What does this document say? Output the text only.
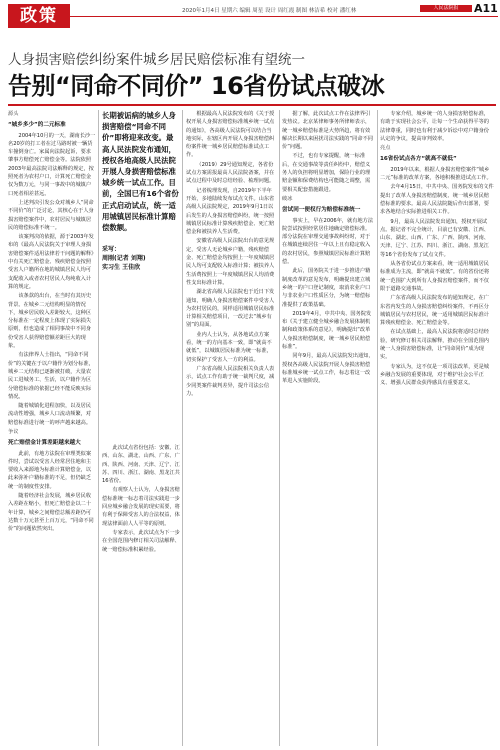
政策	2020年1月4日 星期六 编辑 周星 设计 周红霞 制图 林洁希 校对 潘红林	人民法院报	A11
人身损害赔偿纠纷案件城乡居民赔偿标准有望统一
告别“同命不同价” 16省份试点破冰
源头
“城乡多少”的二元标准

2004年10月的一天，湖南长沙一名20岁的打工者在过马路时被一辆货车撞倒身亡。家属向法院起诉，要求肇事方赔偿死亡赔偿金等。法院依照2003年最高法院司法解释的规定，按照死者为农村户口，计算死亡赔偿金仅为数万元，与同一事故中的城镇户口死者相差甚远。

上述判决引发公众对城乡人“同命不同价”的广泛讨论，其核心在于人身损害赔偿案件中，农村居民与城镇居民的赔偿标准不统一。

该案判决的依据，源于2003年发布的《最高人民法院关于审理人身损害赔偿案件适用法律若干问题的解释》中有关死亡赔偿金、残疾赔偿金按照受害人户籍所在地的城镇居民人均可支配收入或者农村居民人均纯收入计算的规定。

该条款的出台，在当时有其历史背景。在城乡二元结构明显的情况下，城乡居民收入差距较大，这种区分标准在一定程度上体现了实际损失原则，但也造成了相同事故中不同身份受害人获得赔偿额差距巨大的现象。

有法律界人士指出，“同命不同价”的关键在于以户籍作为划分标准，城乡二元结构已逐渐被打破，大量农民工进城务工、生活，以户籍作为区分赔偿标准的依据已经不能反映实际情况。

随着城镇化进程加快，以及居民流动性增强，城乡人口流动频繁，对赔偿标准进行统一的呼声越来越高。

争议
死亡赔偿金计算差距越来越大

此前，有地方法院在审理类似案件时，尝试以受害人经常居住地和主要收入来源地为标准计算赔偿金，以此来弥补户籍标准的不足，但仍缺乏统一的制度性安排。

随着经济社会发展，城乡居民收入差距在缩小，但死亡赔偿金以二十年计算，城乡之间赔偿总额差距仍可达数十万元甚至上百万元，“同命不同价”的问题依然突出。

长期被诟病的城乡人身损害赔偿“同命不同价”即将迎来改变。最高人民法院发布通知，授权各地高级人民法院开展人身损害赔偿标准城乡统一试点工作。目前，全国已有16个省份正式启动试点，统一适用城镇居民标准计算赔偿数额。
采写：
周刚(记者 刘翔)
实习生 王佳欣

此次试点省份包括：安徽、江西、山东、湖北、山西、广东、广西、陕西、河南、天津、辽宁、江苏、四川、浙江、湖南、黑龙江共16省份。

有观察人士认为，人身损害赔偿标准统一标志着司法实践进一步回应城乡融合发展的现实需要，将有利于保障受害人的合法权益，体现法律面前人人平等的原则。

专家表示，此次试点为下一步在全国范围内修订相关司法解释、统一赔偿标准积累经验。

根据最高人民法院发布的《关于授权开展人身损害赔偿标准城乡统一试点的通知》，各高级人民法院可以结合当地实际，在辖区内开展人身损害赔偿纠纷案件统一城乡居民赔偿标准试点工作。

（2019）29号通知规定，各省份试点方案需报最高人民法院备案，并在试点过程中及时总结经验、梳理问题。

记者梳理发现，自2019年下半年开始，多地陆续发布试点文件。山东省高级人民法院规定，2019年9月1日以后发生的人身损害赔偿纠纷，统一按照城镇居民标准计算残疾赔偿金、死亡赔偿金和被扶养人生活费。

安徽省高级人民法院出台的意见规定，受害人无论城乡户籍，残疾赔偿金、死亡赔偿金均按照上一年度城镇居民人均可支配收入标准计算；被扶养人生活费按照上一年度城镇居民人均消费性支出标准计算。

湖北省高级人民法院也于近日下发通知，明确人身损害赔偿案件中受害人为农村居民的，同样适用城镇居民标准计算相关赔偿项目，一改过去“城乡有别”的局面。

业内人士认为，从各地试点方案看，统一的方向基本一致，即“就高不就低”，以城镇居民标准为统一标准，切实保护了受害人一方的利益。

广东省高级人民法院相关负责人表示，试点工作有助于统一裁判尺度，减少同类案件裁判差异，提升司法公信力。

据了解，此次试点工作在法律界引发热议。北京某律师事务所律师表示，统一城乡赔偿标准是大势所趋，将有效解决长期以来困扰司法实践的“同命不同价”问题。

不过，也有专家提醒，统一标准后，在交通事故等责任纠纷中，赔偿义务人的负担将明显增加，保险行业的理赔金额和保费结构也可能随之调整，需要相关配套措施跟进。

破冰
尝试同一便权行为赔偿标准统一

事实上，早在2006年，就有地方法院尝试按照经常居住地确定赔偿标准。部分法院在审理交通事故纠纷时，对于在城镇连续居住一年以上且有稳定收入的农村居民，参照城镇居民标准计算赔偿。

此后，国务院关于进一步推进户籍制度改革的意见发布，明确提出建立城乡统一的户口登记制度，取消农业户口与非农业户口性质区分，为统一赔偿标准提供了政策基础。

2019年4月，中共中央、国务院发布《关于建立健全城乡融合发展体制机制和政策体系的意见》，明确提出“改革人身损害赔偿制度，统一城乡居民赔偿标准”。

同年9月，最高人民法院发出通知，授权各高级人民法院开展人身损害赔偿标准城乡统一试点工作，标志着这一改革进入实施阶段。

专家介绍，城乡统一的人身损害赔偿标准，有助于实现社会公平，让每一个生命获得平等的法律尊重，同时也有利于减少诉讼中对户籍身份认定的争议，提高审判效率。

亮点
16省份试点各方“就高不就低”

2019年以来，根据人身损害赔偿案件“城乡二元”标准的改革方案，各地积极推进试点工作。

去年4月15日，中共中央、国务院发布的文件提出了改革人身损害赔偿制度、统一城乡居民赔偿标准的要求。最高人民法院随后作出部署，要求各地结合实际推进相关工作。

9月，最高人民法院发出通知，授权开展试点。据记者不完全统计，目前已有安徽、江西、山东、湖北、山西、广东、广西、陕西、河南、天津、辽宁、江苏、四川、浙江、湖南、黑龙江等16个省份发布了试点文件。

从各省份试点方案来看，统一适用城镇居民标准成为主流，即“就高不就低”。有的省份还将统一范围扩大到所有人身损害赔偿案件，而不仅限于道路交通事故。

广东省高级人民法院发布的通知规定，在广东省内发生的人身损害赔偿纠纷案件，不再区分城镇居民与农村居民，统一适用城镇居民标准计算残疾赔偿金、死亡赔偿金等。

在试点基础上，最高人民法院将适时总结经验，研究修订相关司法解释，推动在全国范围内统一人身损害赔偿标准，让“同命同价”成为现实。

专家认为，这不仅是一项司法改革，更是城乡融合发展的重要体现，对于维护社会公平正义、增强人民群众获得感具有重要意义。
